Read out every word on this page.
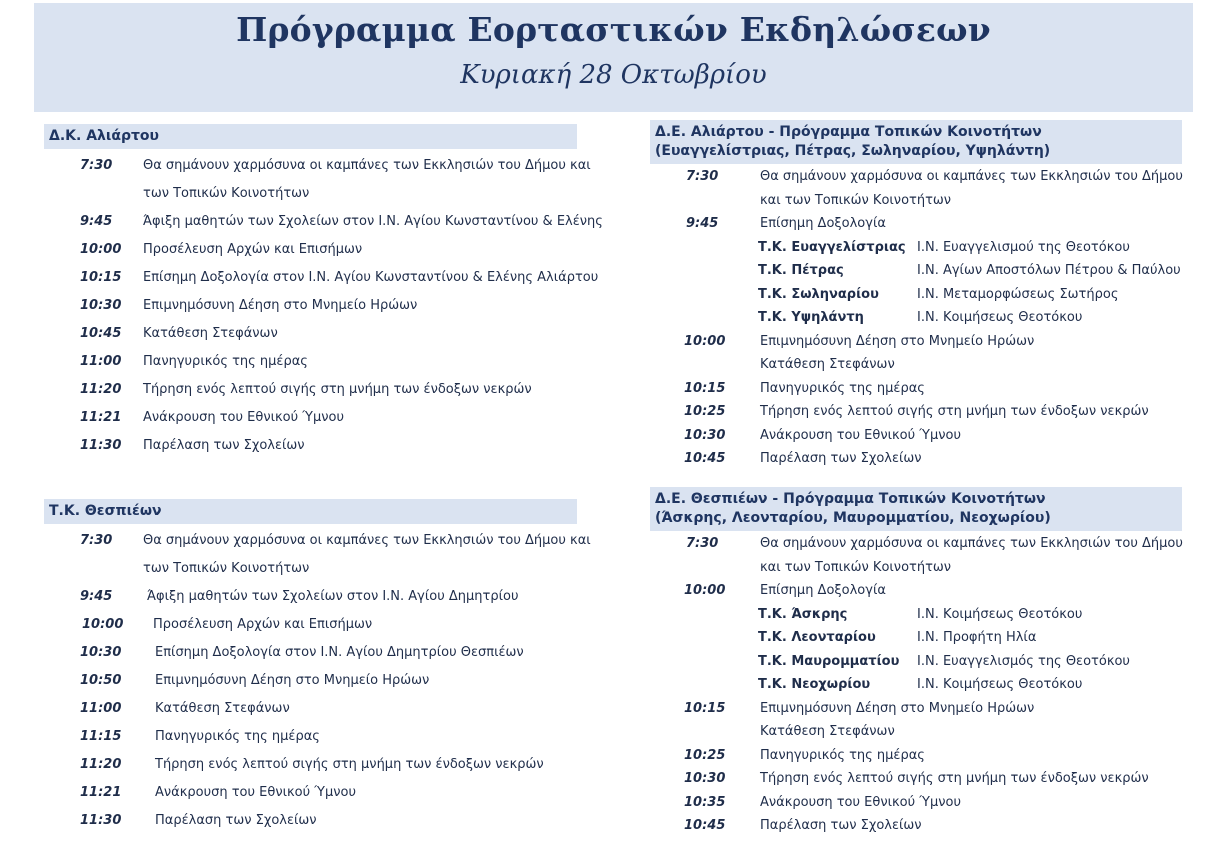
Πρόγραμμα Εορταστικών Εκδηλώσεων
Κυριακή 28 Οκτωβρίου
Δ.Κ. Αλιάρτου
7:30 Θα σημάνουν χαρμόσυνα οι καμπάνες των Εκκλησιών του Δήμου και
των Τοπικών Κοινοτήτων
9:45 Άφιξη μαθητών των Σχολείων στον Ι.Ν. Αγίου Κωνσταντίνου & Ελένης
10:00 Προσέλευση Αρχών και Επισήμων
10:15 Επίσημη Δοξολογία στον Ι.Ν. Αγίου Κωνσταντίνου & Ελένης Αλιάρτου
10:30 Επιμνημόσυνη Δέηση στο Μνημείο Ηρώων
10:45 Κατάθεση Στεφάνων
11:00 Πανηγυρικός της ημέρας
11:20 Τήρηση ενός λεπτού σιγής στη μνήμη των ένδοξων νεκρών
11:21 Ανάκρουση του Εθνικού Ύμνου
11:30 Παρέλαση των Σχολείων
Τ.Κ. Θεσπιέων
7:30 Θα σημάνουν χαρμόσυνα οι καμπάνες των Εκκλησιών του Δήμου και
των Τοπικών Κοινοτήτων
9:45	Άφιξη μαθητών των Σχολείων στον Ι.Ν. Αγίου Δημητρίου
10:00 Προσέλευση Αρχών και Επισήμων
10:30	Επίσημη Δοξολογία στον Ι.Ν. Αγίου Δημητρίου Θεσπιέων
10:50	Επιμνημόσυνη Δέηση στο Μνημείο Ηρώων
11:00	Κατάθεση Στεφάνων
11:15	Πανηγυρικός της ημέρας
11:20	Τήρηση ενός λεπτού σιγής στη μνήμη των ένδοξων νεκρών
11:21	Ανάκρουση του Εθνικού Ύμνου
11:30	Παρέλαση των Σχολείων
Δ.Ε. Αλιάρτου - Πρόγραμμα Τοπικών Κοινοτήτων
(Ευαγγελίστριας, Πέτρας, Σωληναρίου, Υψηλάντη)
7:30	Θα σημάνουν χαρμόσυνα οι καμπάνες των Εκκλησιών του Δήμου
και των Τοπικών Κοινοτήτων
9:45	Επίσημη Δοξολογία
Τ.Κ. Ευαγγελίστριας Ι.Ν. Ευαγγελισμού της Θεοτόκου
Τ.Κ. Πέτρας	Ι.Ν. Αγίων Αποστόλων Πέτρου & Παύλου
Τ.Κ. Σωληναρίου	Ι.Ν. Μεταμορφώσεως Σωτήρος
Τ.Κ. Υψηλάντη	Ι.Ν. Κοιμήσεως Θεοτόκου
10:00	Επιμνημόσυνη Δέηση στο Μνημείο Ηρώων
Κατάθεση Στεφάνων
10:15	Πανηγυρικός της ημέρας
10:25	Τήρηση ενός λεπτού σιγής στη μνήμη των ένδοξων νεκρών
10:30	Ανάκρουση του Εθνικού Ύμνου
10:45	Παρέλαση των Σχολείων
Δ.Ε. Θεσπιέων - Πρόγραμμα Τοπικών Κοινοτήτων
(Άσκρης, Λεονταρίου, Μαυρομματίου, Νεοχωρίου)
7:30	Θα σημάνουν χαρμόσυνα οι καμπάνες των Εκκλησιών του Δήμου
και των Τοπικών Κοινοτήτων
10:00	Επίσημη Δοξολογία
Τ.Κ. Άσκρης	Ι.Ν. Κοιμήσεως Θεοτόκου
Τ.Κ. Λεονταρίου	Ι.Ν. Προφήτη Ηλία
Τ.Κ. Μαυρομματίου Ι.Ν. Ευαγγελισμός της Θεοτόκου
Τ.Κ. Νεοχωρίου	Ι.Ν. Κοιμήσεως Θεοτόκου
10:15	Επιμνημόσυνη Δέηση στο Μνημείο Ηρώων
Κατάθεση Στεφάνων
10:25	Πανηγυρικός της ημέρας
10:30	Τήρηση ενός λεπτού σιγής στη μνήμη των ένδοξων νεκρών
10:35	Ανάκρουση του Εθνικού Ύμνου
10:45	Παρέλαση των Σχολείων
